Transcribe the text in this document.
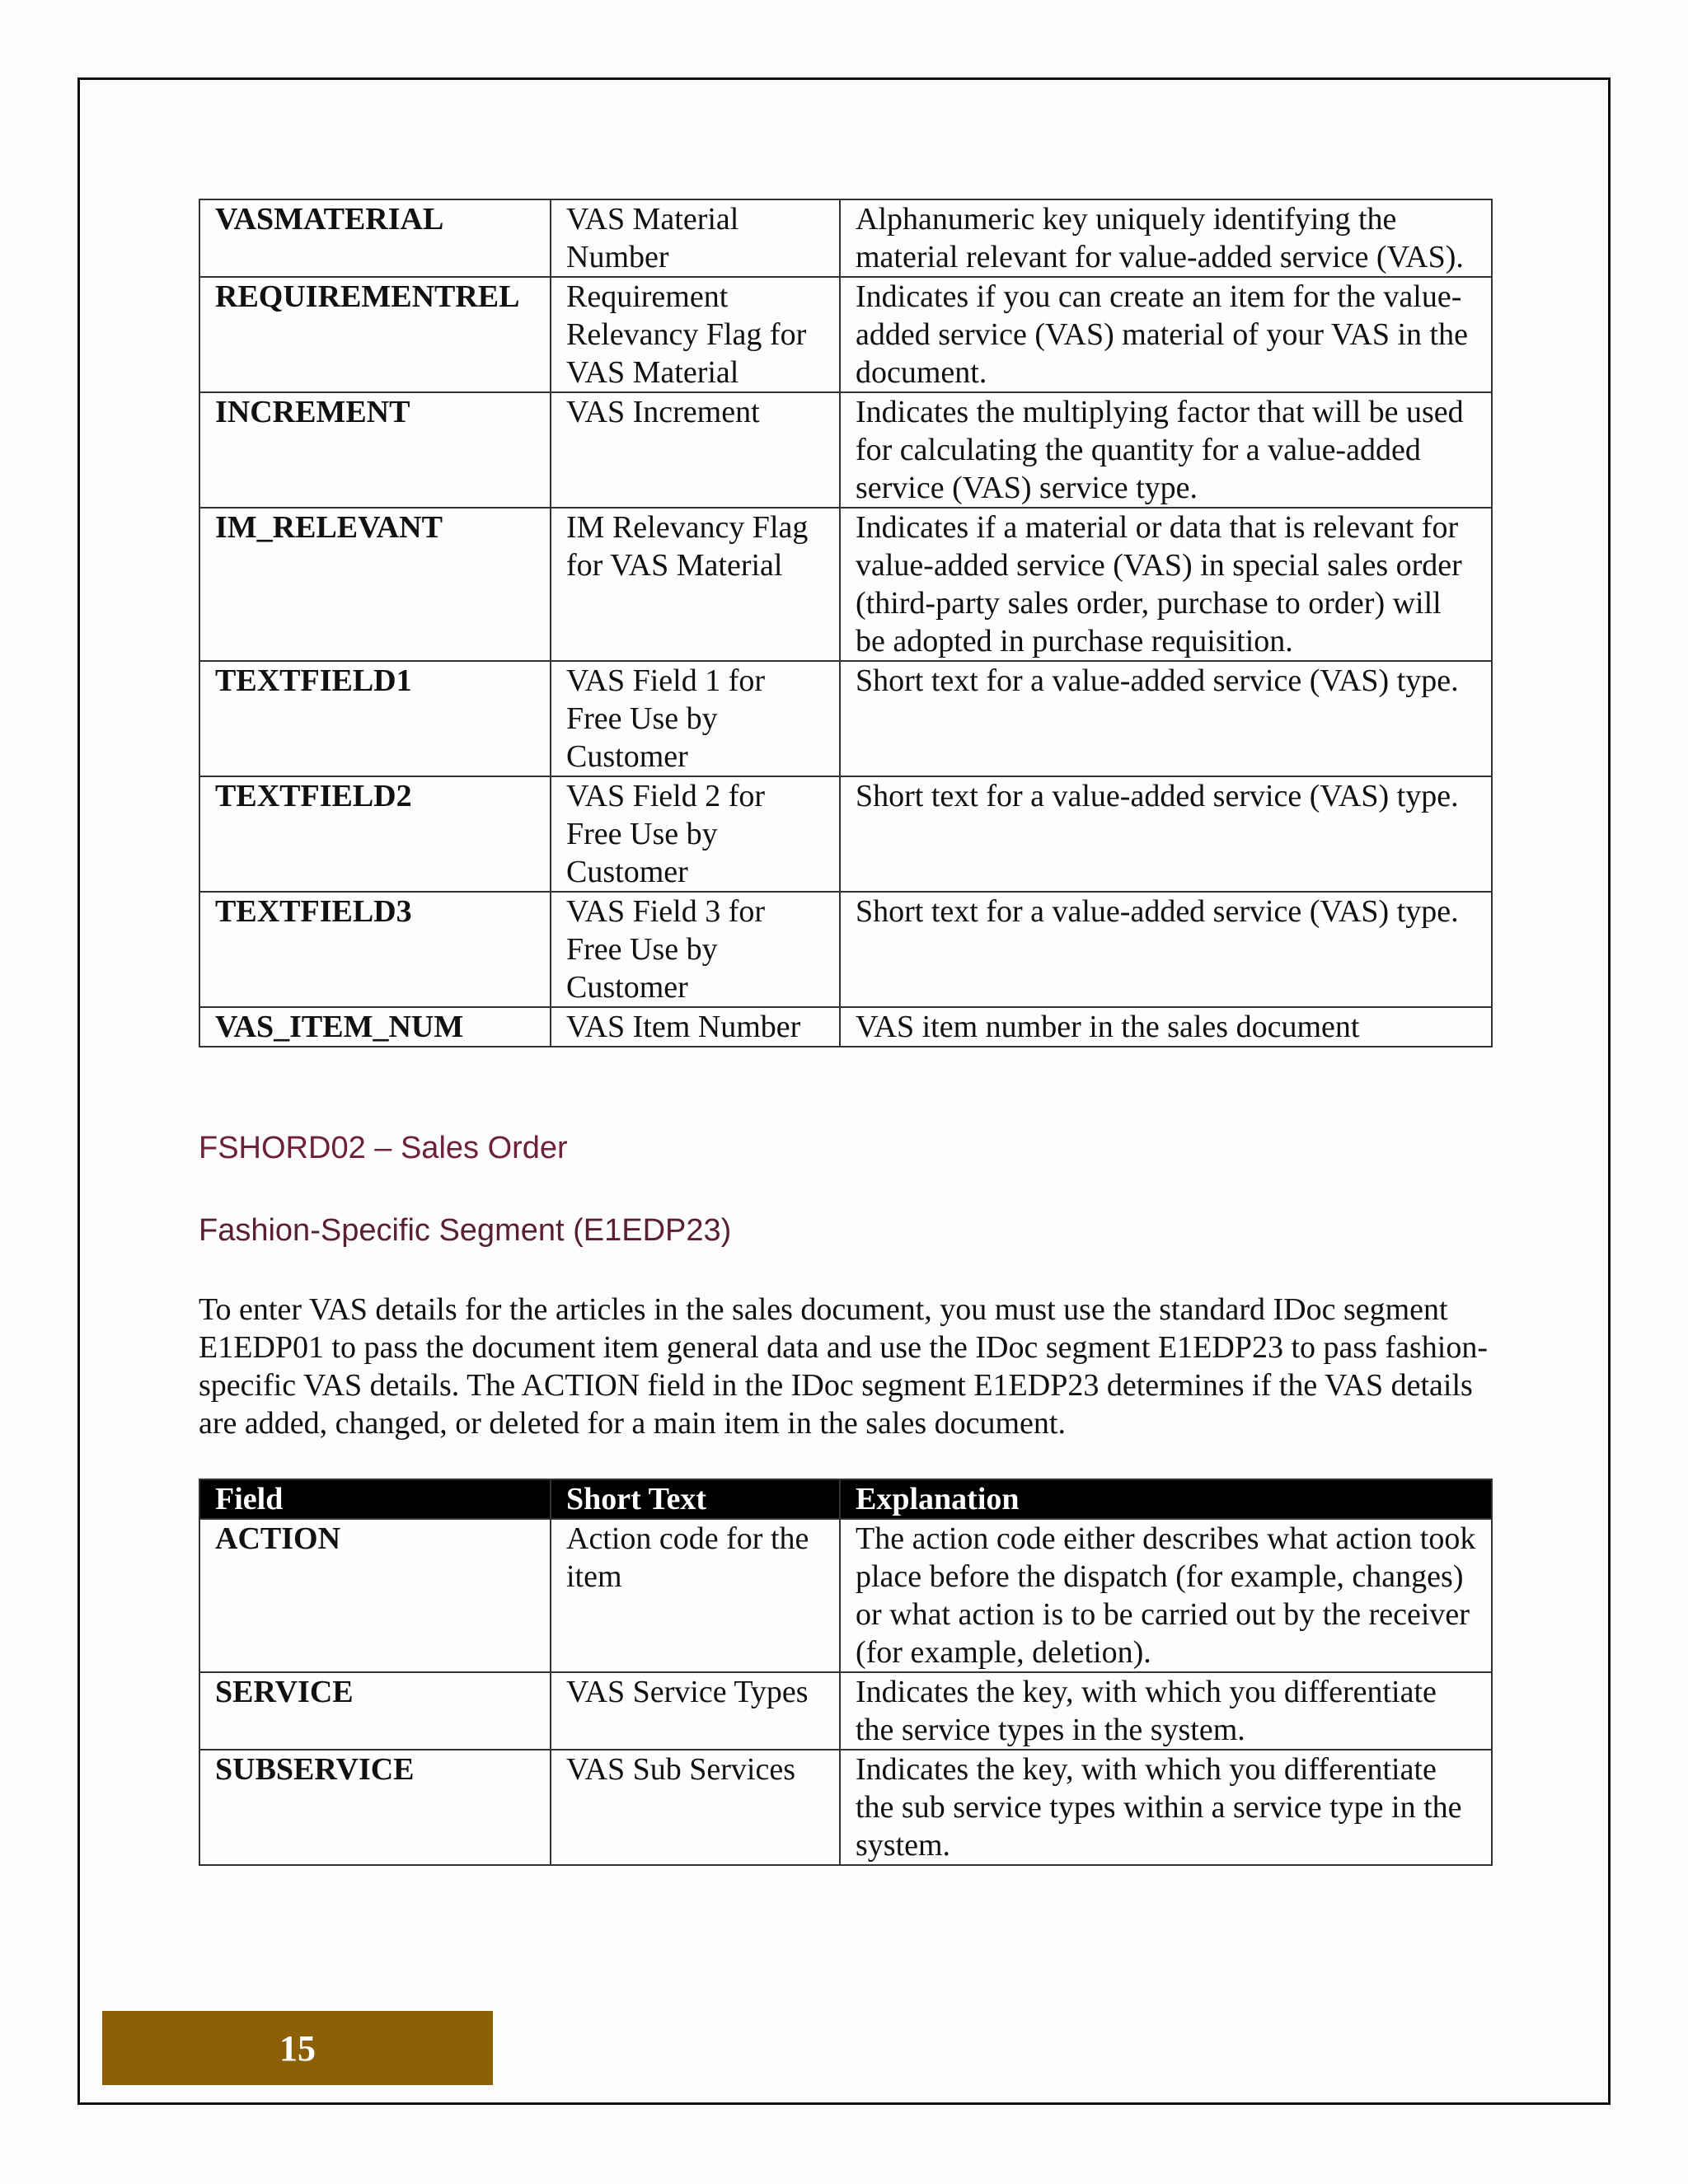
VASMATERIAL	VAS Material Number	Alphanumeric key uniquely identifying the material relevant for value-added service (VAS).
REQUIREMENTREL	Requirement Relevancy Flag for VAS Material	Indicates if you can create an item for the value-added service (VAS) material of your VAS in the document.
INCREMENT	VAS Increment	Indicates the multiplying factor that will be used for calculating the quantity for a value-added service (VAS) service type.
IM_RELEVANT	IM Relevancy Flag for VAS Material	Indicates if a material or data that is relevant for value-added service (VAS) in special sales order (third-party sales order, purchase to order) will be adopted in purchase requisition.
TEXTFIELD1	VAS Field 1 for Free Use by Customer	Short text for a value-added service (VAS) type.
TEXTFIELD2	VAS Field 2 for Free Use by Customer	Short text for a value-added service (VAS) type.
TEXTFIELD3	VAS Field 3 for Free Use by Customer	Short text for a value-added service (VAS) type.
VAS_ITEM_NUM	VAS Item Number	VAS item number in the sales document
FSHORD02 – Sales Order
Fashion-Specific Segment (E1EDP23)

To enter VAS details for the articles in the sales document, you must use the standard IDoc segment E1EDP01 to pass the document item general data and use the IDoc segment E1EDP23 to pass fashion-specific VAS details. The ACTION field in the IDoc segment E1EDP23 determines if the VAS details are added, changed, or deleted for a main item in the sales document.

Field	Short Text	Explanation
ACTION	Action code for the item	The action code either describes what action took place before the dispatch (for example, changes) or what action is to be carried out by the receiver (for example, deletion).
SERVICE	VAS Service Types	Indicates the key, with which you differentiate the service types in the system.
SUBSERVICE	VAS Sub Services	Indicates the key, with which you differentiate the sub service types within a service type in the system.
15
